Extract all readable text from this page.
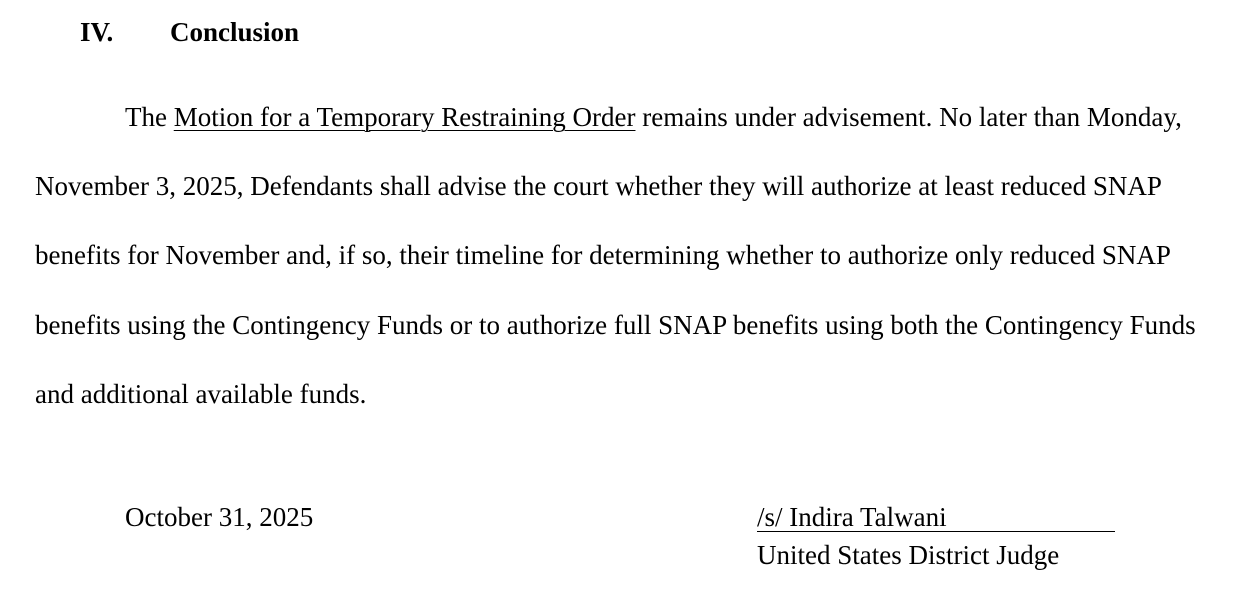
IV. Conclusion
The Motion for a Temporary Restraining Order remains under advisement. No later than Monday, November 3, 2025, Defendants shall advise the court whether they will authorize at least reduced SNAP benefits for November and, if so, their timeline for determining whether to authorize only reduced SNAP benefits using the Contingency Funds or to authorize full SNAP benefits using both the Contingency Funds and additional available funds.
October 31, 2025	/s/ Indira Talwani
United States District Judge
